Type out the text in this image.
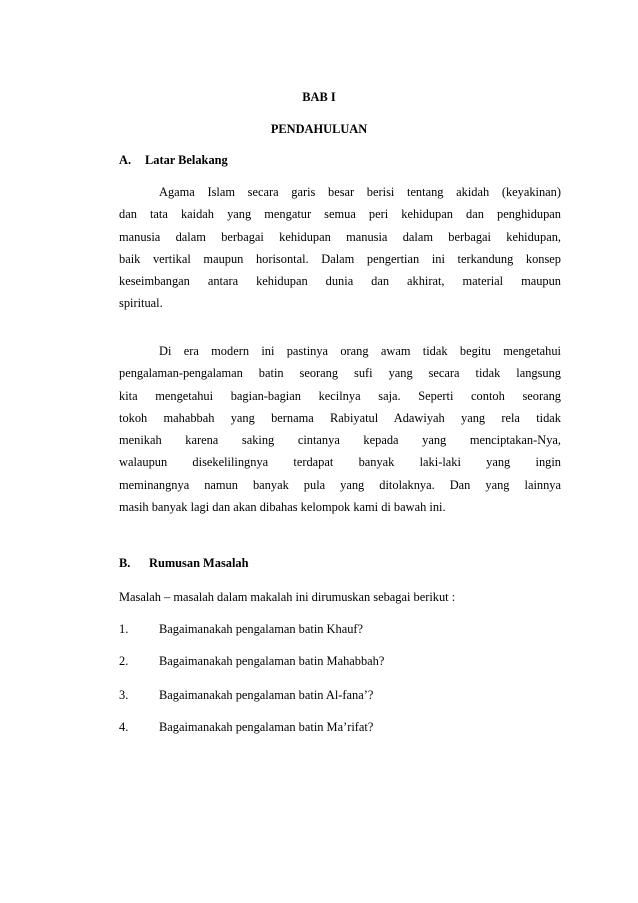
BAB I
PENDAHULUAN
A. Latar Belakang
Agama Islam secara garis besar berisi tentang akidah (keyakinan)
dan tata kaidah yang mengatur semua peri kehidupan dan penghidupan
manusia dalam berbagai kehidupan manusia dalam berbagai kehidupan,
baik vertikal maupun horisontal. Dalam pengertian ini terkandung konsep
keseimbangan antara kehidupan dunia dan akhirat, material maupun
spiritual.
Di era modern ini pastinya orang awam tidak begitu mengetahui
pengalaman-pengalaman batin seorang sufi yang secara tidak langsung
kita mengetahui bagian-bagian kecilnya saja. Seperti contoh seorang
tokoh mahabbah yang bernama Rabiyatul Adawiyah yang rela tidak
menikah karena saking cintanya kepada yang menciptakan-Nya,
walaupun disekelilingnya terdapat banyak laki-laki yang ingin
meminangnya namun banyak pula yang ditolaknya. Dan yang lainnya
masih banyak lagi dan akan dibahas kelompok kami di bawah ini.
B. Rumusan Masalah
Masalah – masalah dalam makalah ini dirumuskan sebagai berikut :
1. Bagaimanakah pengalaman batin Khauf?
2. Bagaimanakah pengalaman batin Mahabbah?
3. Bagaimanakah pengalaman batin Al-fana’?
4. Bagaimanakah pengalaman batin Ma’rifat?
